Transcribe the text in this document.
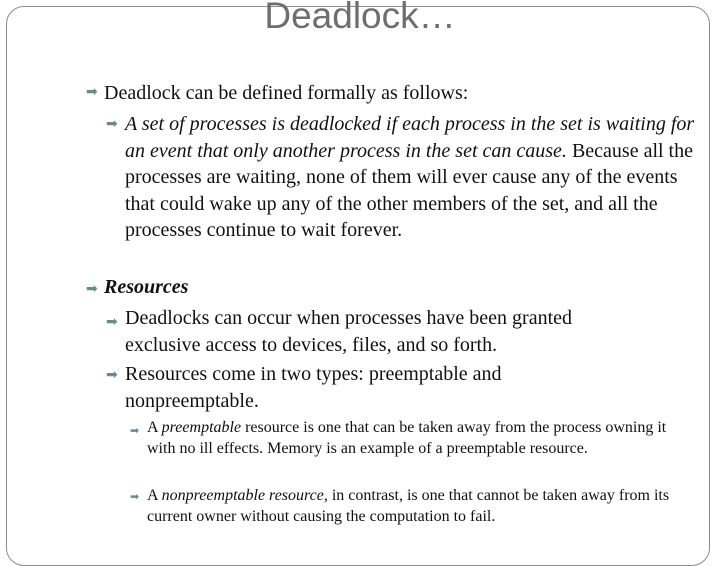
Deadlock…
➡ Deadlock can be defined formally as follows:

➡ A set of processes is deadlocked if each process in the set is waiting for an event that only another process in the set can cause. Because all the processes are waiting, none of them will ever cause any of the events that could wake up any of the other members of the set, and all the processes continue to wait forever.

➡ Resources

➡ Deadlocks can occur when processes have been granted exclusive access to devices, files, and so forth.

➡ Resources come in two types: preemptable and nonpreemptable.

➡ A preemptable resource is one that can be taken away from the process owning it with no ill effects. Memory is an example of a preemptable resource.

➡ A nonpreemptable resource, in contrast, is one that cannot be taken away from its current owner without causing the computation to fail.
